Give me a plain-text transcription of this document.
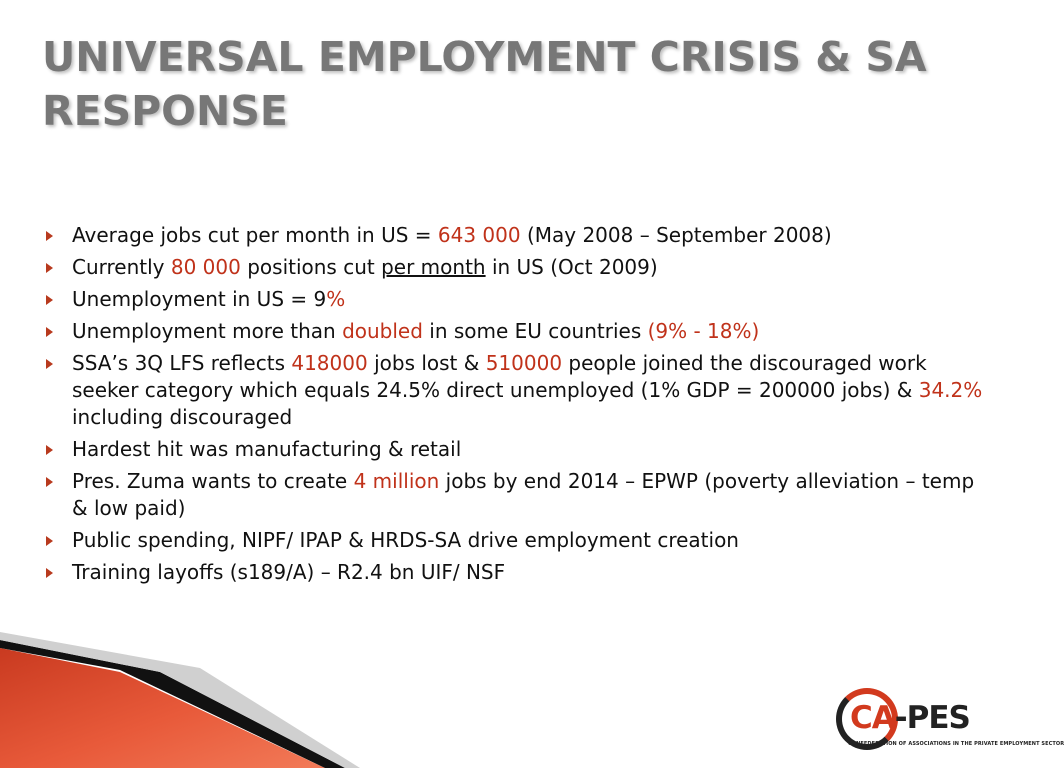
UNIVERSAL EMPLOYMENT CRISIS & SA RESPONSE
Average jobs cut per month in US = 643 000 (May 2008 – September 2008)
Currently 80 000 positions cut per month in US (Oct 2009)
Unemployment in US = 9%
Unemployment more than doubled in some EU countries (9% - 18%)
SSA’s 3Q LFS reflects 418000 jobs lost & 510000 people joined the discouraged work seeker category which equals 24.5% direct unemployed (1% GDP = 200000 jobs) & 34.2% including discouraged
Hardest hit was manufacturing & retail
Pres. Zuma wants to create 4 million jobs by end 2014 – EPWP (poverty alleviation – temp & low paid)
Public spending, NIPF/ IPAP & HRDS-SA drive employment creation
Training layoffs (s189/A) – R2.4 bn UIF/ NSF
CA-PES
CONFEDERATION OF ASSOCIATIONS IN THE PRIVATE EMPLOYMENT SECTOR
